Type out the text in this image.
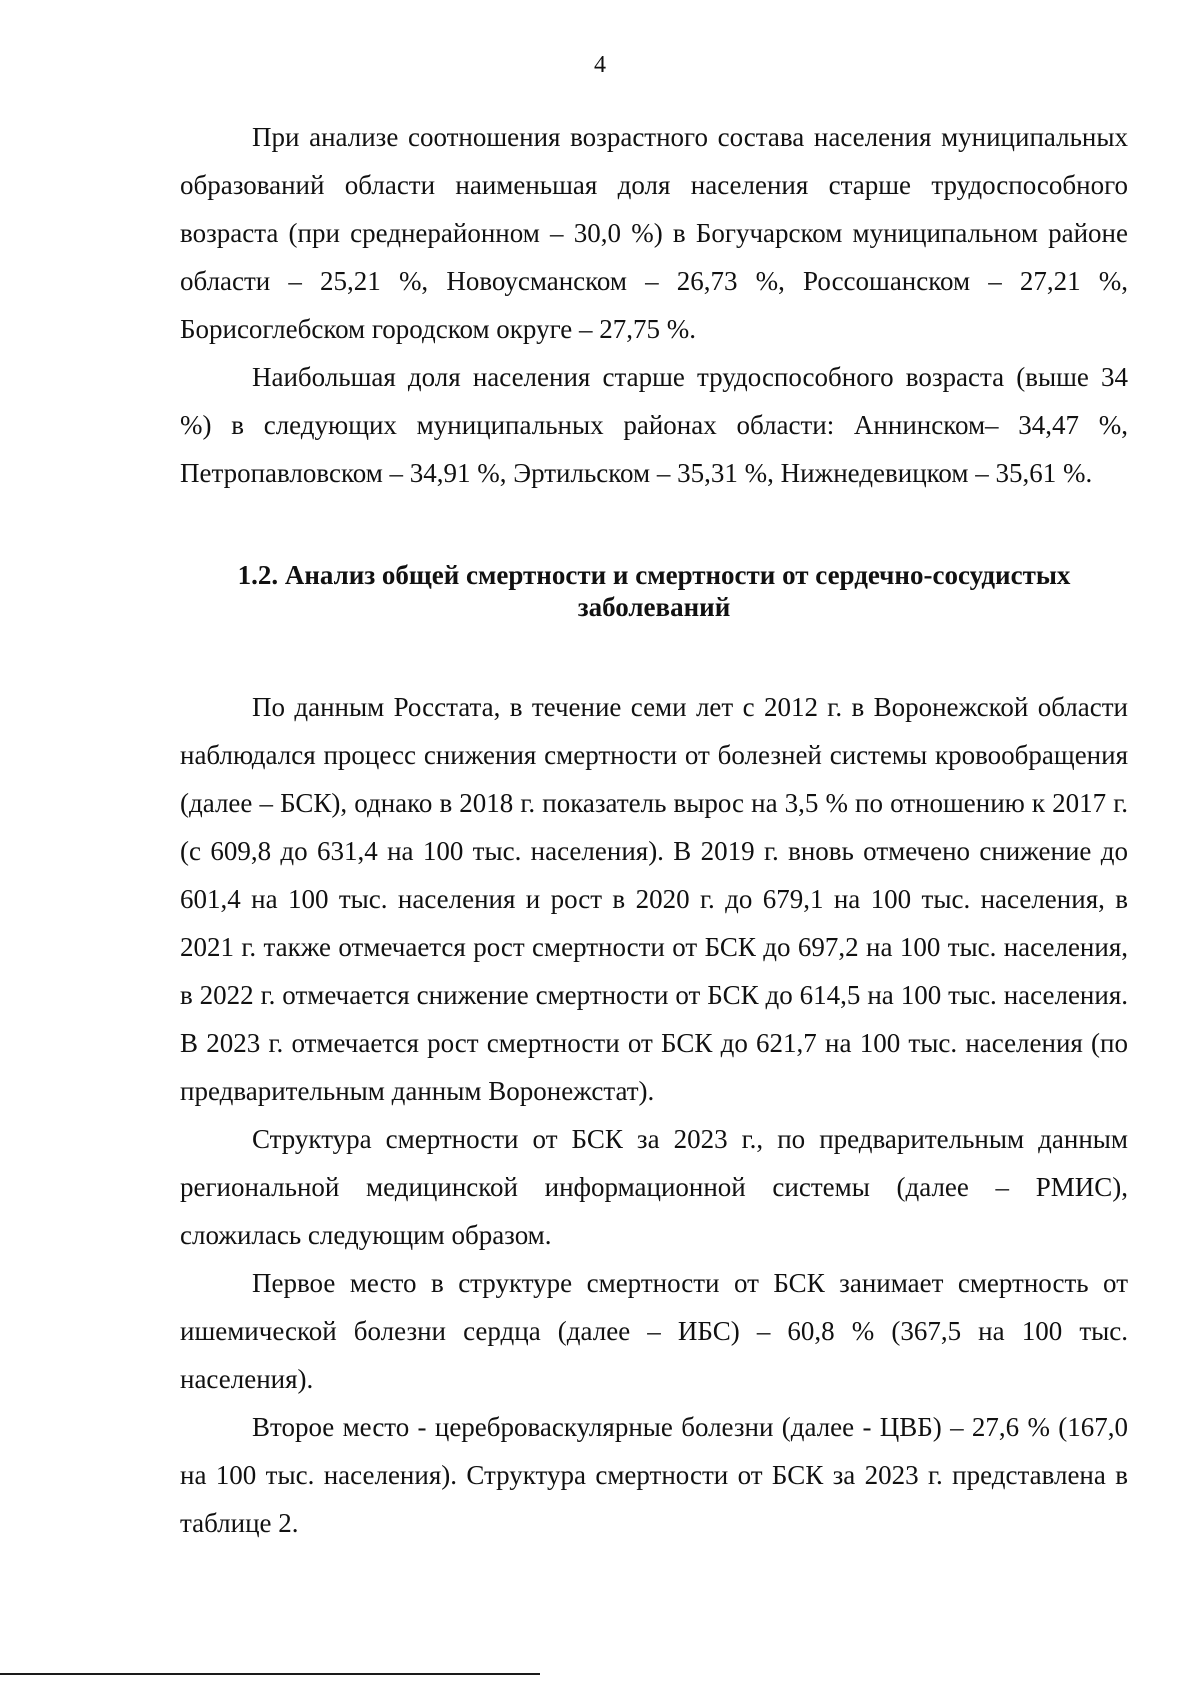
4

При анализе соотношения возрастного состава населения муниципальных образований области наименьшая доля населения старше трудоспособного возраста (при среднерайонном – 30,0 %) в Богучарском муниципальном районе области – 25,21 %, Новоусманском – 26,73 %, Россошанском – 27,21 %, Борисоглебском городском округе – 27,75 %.

Наибольшая доля населения старше трудоспособного возраста (выше 34 %) в следующих муниципальных районах области: Аннинском– 34,47 %, Петропавловском – 34,91 %, Эртильском – 35,31 %, Нижнедевицком – 35,61 %.

1.2. Анализ общей смертности и смертности от сердечно-сосудистых
заболеваний

По данным Росстата, в течение семи лет с 2012 г. в Воронежской области наблюдался процесс снижения смертности от болезней системы кровообращения (далее – БСК), однако в 2018 г. показатель вырос на 3,5 % по отношению к 2017 г. (с 609,8 до 631,4 на 100 тыс. населения). В 2019 г. вновь отмечено снижение до 601,4 на 100 тыс. населения и рост в 2020 г. до 679,1 на 100 тыс. населения, в 2021 г. также отмечается рост смертности от БСК до 697,2 на 100 тыс. населения, в 2022 г. отмечается снижение смертности от БСК до 614,5 на 100 тыс. населения. В 2023 г. отмечается рост смертности от БСК до 621,7 на 100 тыс. населения (по предварительным данным Воронежстат).

Структура смертности от БСК за 2023 г., по предварительным данным региональной медицинской информационной системы (далее – РМИС), сложилась следующим образом.

Первое место в структуре смертности от БСК занимает смертность от ишемической болезни сердца (далее – ИБС) – 60,8 % (367,5 на 100 тыс. населения).

Второе место - цереброваскулярные болезни (далее - ЦВБ) – 27,6 % (167,0 на 100 тыс. населения). Структура смертности от БСК за 2023 г. представлена в таблице 2.
